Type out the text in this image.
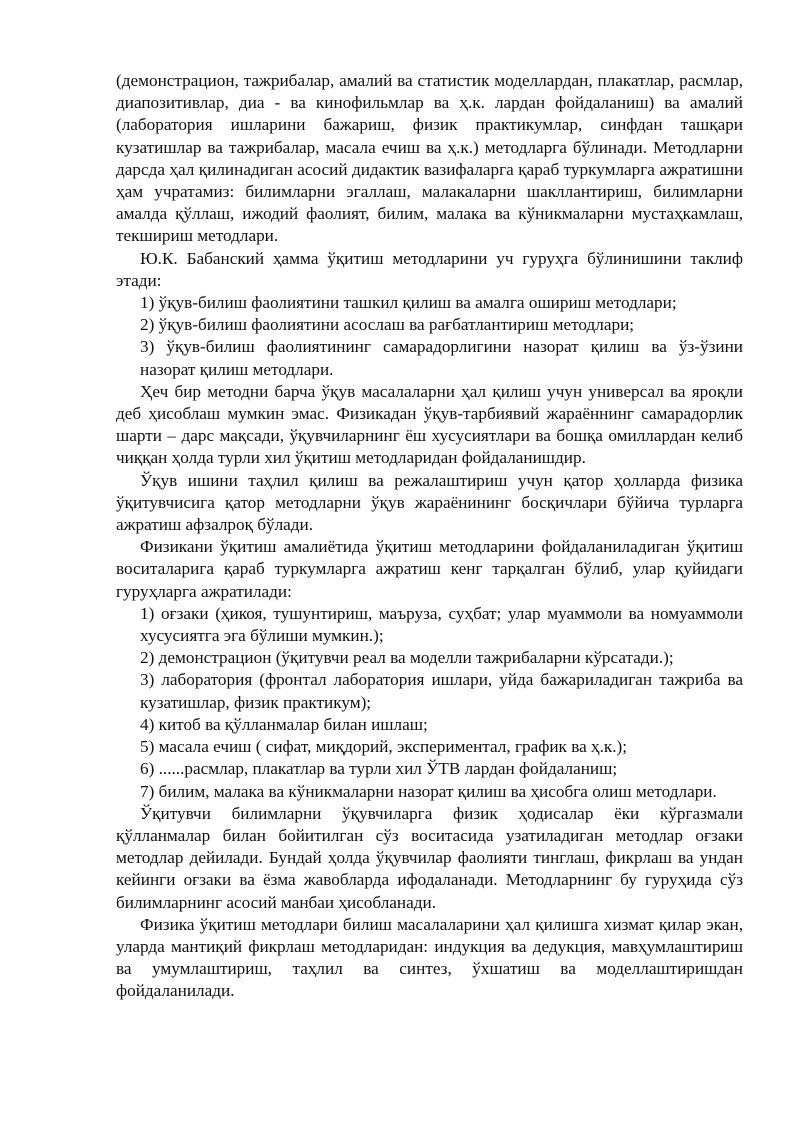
(демонстрацион, тажрибалар, амалий ва статистик моделлардан, плакатлар, расмлар, диапозитивлар, диа - ва кинофильмлар ва ҳ.к. лардан фойдаланиш) ва амалий (лаборатория ишларини бажариш, физик практикумлар, синфдан ташқари кузатишлар ва тажрибалар, масала ечиш ва ҳ.к.) методларга бўлинади. Методларни дарсда ҳал қилинадиган асосий дидактик вазифаларга қараб туркумларга ажратишни ҳам учратамиз: билимларни эгаллаш, малакаларни шакллантириш, билимларни амалда қўллаш, ижодий фаолият, билим, малака ва кўникмаларни мустаҳкамлаш, текшириш методлари.

Ю.К. Бабанский ҳамма ўқитиш методларини уч гуруҳга бўлинишини таклиф этади:

1) ўқув-билиш фаолиятини ташкил қилиш ва амалга ошириш методлари;

2) ўқув-билиш фаолиятини асослаш ва рағбатлантириш методлари;

3) ўқув-билиш фаолиятининг самарадорлигини назорат қилиш ва ўз-ўзини назорат қилиш методлари.

Ҳеч бир методни барча ўқув масалаларни ҳал қилиш учун универсал ва яроқли деб ҳисоблаш мумкин эмас. Физикадан ўқув-тарбиявий жараённинг самарадорлик шарти – дарс мақсади, ўқувчиларнинг ёш хусусиятлари ва бошқа омиллардан келиб чиққан ҳолда турли хил ўқитиш методларидан фойдаланишдир.

Ўқув ишини таҳлил қилиш ва режалаштириш учун қатор ҳолларда физика ўқитувчисига қатор методларни ўқув жараёнининг босқичлари бўйича турларга ажратиш афзалроқ бўлади.

Физикани ўқитиш амалиётида ўқитиш методларини фойдаланиладиган ўқитиш воситаларига қараб туркумларга ажратиш кенг тарқалган бўлиб, улар қуйидаги гуруҳларга ажратилади:

1) оғзаки (ҳикоя, тушунтириш, маъруза, суҳбат; улар муаммоли ва номуаммоли хусусиятга эга бўлиши мумкин.);

2) демонстрацион (ўқитувчи реал ва моделли тажрибаларни кўрсатади.);

3) лаборатория (фронтал лаборатория ишлари, уйда бажариладиган тажриба ва кузатишлар, физик практикум);

4) китоб ва қўлланмалар билан ишлаш;

5) масала ечиш ( сифат, миқдорий, экспериментал, график ва ҳ.к.);

6) ......расмлар, плакатлар ва турли хил ЎТВ лардан фойдаланиш;

7) билим, малака ва кўникмаларни назорат қилиш ва ҳисобга олиш методлари.

Ўқитувчи билимларни ўқувчиларга физик ҳодисалар ёки кўргазмали қўлланмалар билан бойитилган сўз воситасида узатиладиган методлар оғзаки методлар дейилади. Бундай ҳолда ўқувчилар фаолияти тинглаш, фикрлаш ва ундан кейинги оғзаки ва ёзма жавобларда ифодаланади. Методларнинг бу гуруҳида сўз билимларнинг асосий манбаи ҳисобланади.

Физика ўқитиш методлари билиш масалаларини ҳал қилишга хизмат қилар экан, уларда мантиқий фикрлаш методларидан: индукция ва дедукция, мавҳумлаштириш ва умумлаштириш, таҳлил ва синтез, ўхшатиш ва моделлаштиришдан фойдаланилади.
